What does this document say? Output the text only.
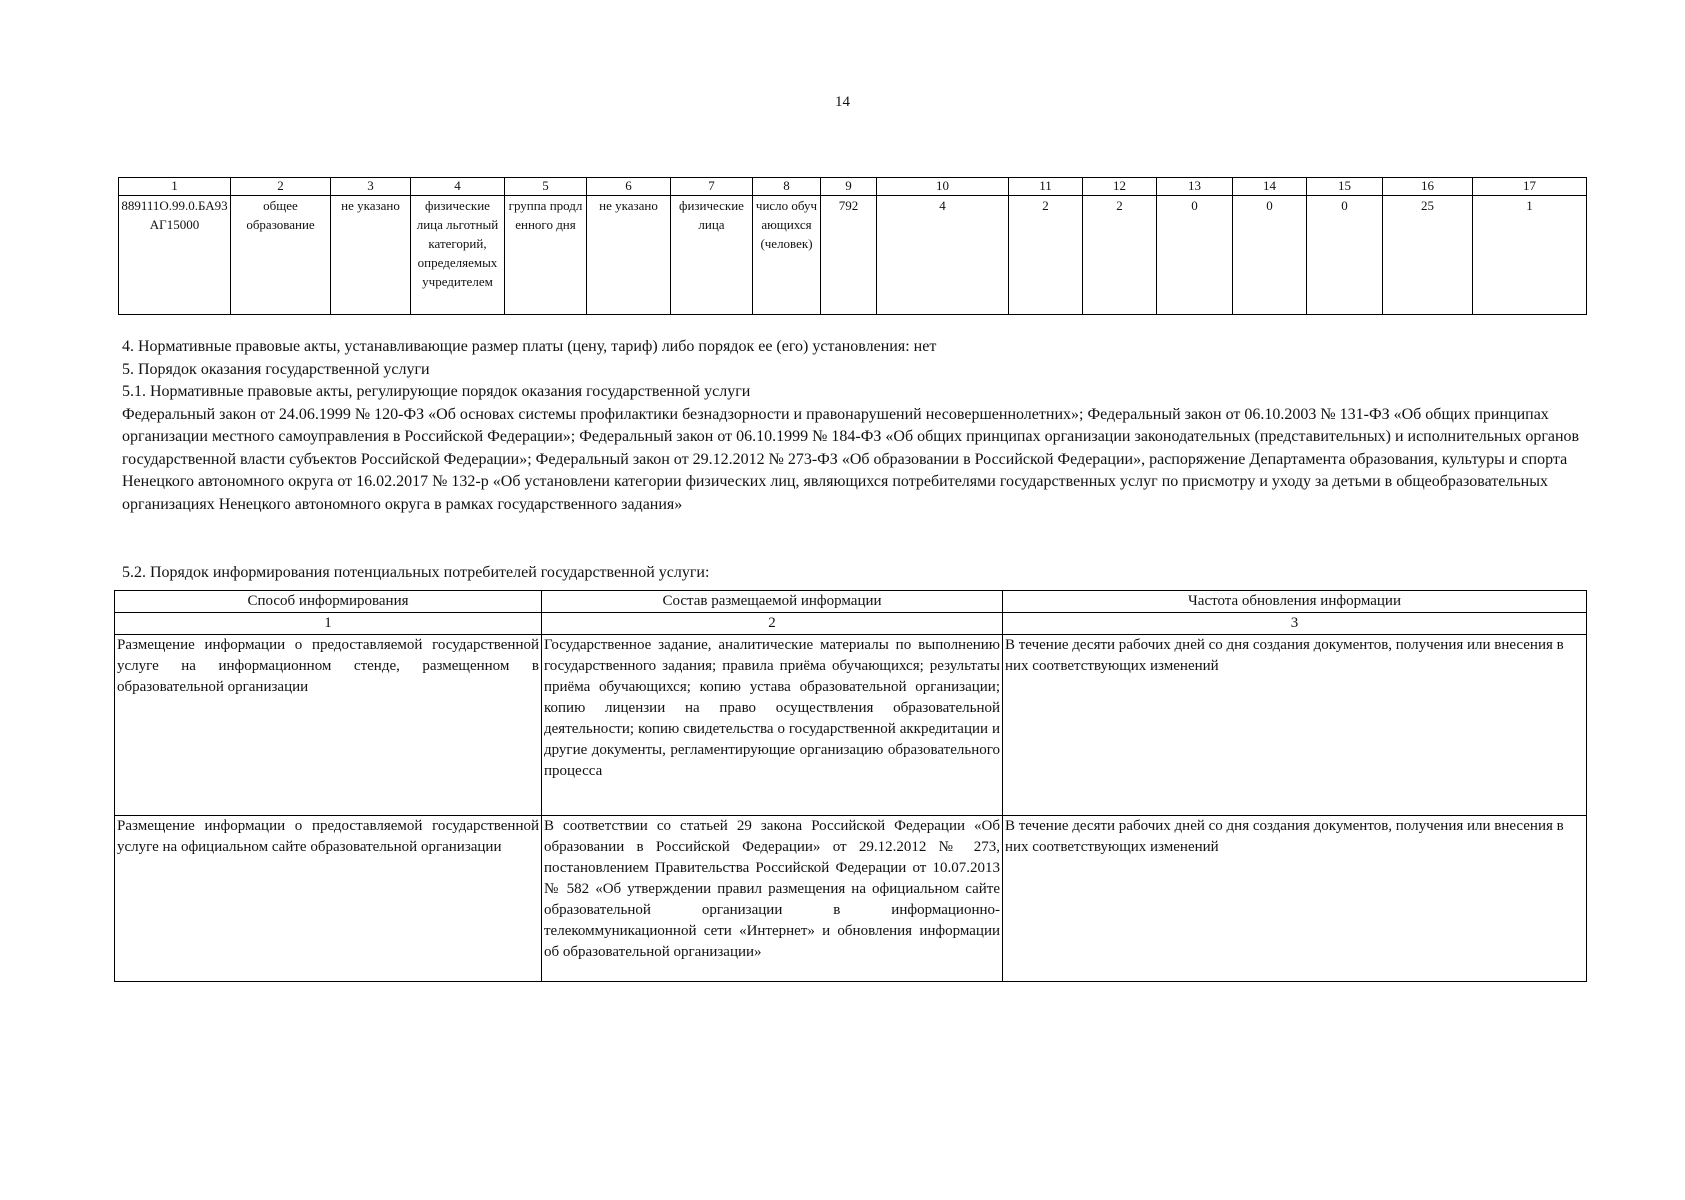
14
1	2	3	4	5	6	7	8	9	10	11	12	13	14	15	16	17
889111О.99.0.БА93АГ15000	общее образование	не указано	физические лица льготный категорий, определяемых учредителем	группа продленного дня	не указано	физические лица	число обучающихся (человек)	792	4	2	2	0	0	0	25	1

4. Нормативные правовые акты, устанавливающие размер платы (цену, тариф) либо порядок ее (его) установления: нет

5. Порядок оказания государственной услуги

5.1. Нормативные правовые акты, регулирующие порядок оказания государственной услуги

Федеральный закон от 24.06.1999 № 120-ФЗ «Об основах системы профилактики безнадзорности и правонарушений несовершеннолетних»; Федеральный закон от 06.10.2003 № 131-ФЗ «Об общих принципах организации местного самоуправления в Российской Федерации»; Федеральный закон от 06.10.1999 № 184-ФЗ «Об общих принципах организации законодательных (представительных) и исполнительных органов государственной власти субъектов Российской Федерации»; Федеральный закон от 29.12.2012 № 273-ФЗ «Об образовании в Российской Федерации», распоряжение Департамента образования, культуры и спорта Ненецкого автономного округа от 16.02.2017 № 132-р «Об установлени категории физических лиц, являющихся потребителями государственных услуг по присмотру и уходу за детьми в общеобразовательных организациях Ненецкого автономного округа в рамках государственного задания»

5.2. Порядок информирования потенциальных потребителей государственной услуги:
Способ информирования	Состав размещаемой информации	Частота обновления информации
1	2	3
Размещение информации о предоставляемой государственной услуге на информационном стенде, размещенном в образовательной организации	Государственное задание, аналитические материалы по выполнению государственного задания; правила приёма обучающихся; результаты приёма обучающихся; копию устава образовательной организации; копию лицензии на право осуществления образовательной деятельности; копию свидетельства о государственной аккредитации и другие документы, регламентирующие организацию образовательного процесса	В течение десяти рабочих дней со дня создания документов, получения или внесения в них соответствующих изменений
Размещение информации о предоставляемой государственной услуге на официальном сайте образовательной организации	В соответствии со статьей 29 закона Российской Федерации «Об образовании в Российской Федерации» от 29.12.2012 № 273, постановлением Правительства Российской Федерации от 10.07.2013 № 582 «Об утверждении правил размещения на официальном сайте образовательной организации в информационно-телекоммуникационной сети «Интернет» и обновления информации об образовательной организации»	В течение десяти рабочих дней со дня создания документов, получения или внесения в них соответствующих изменений
